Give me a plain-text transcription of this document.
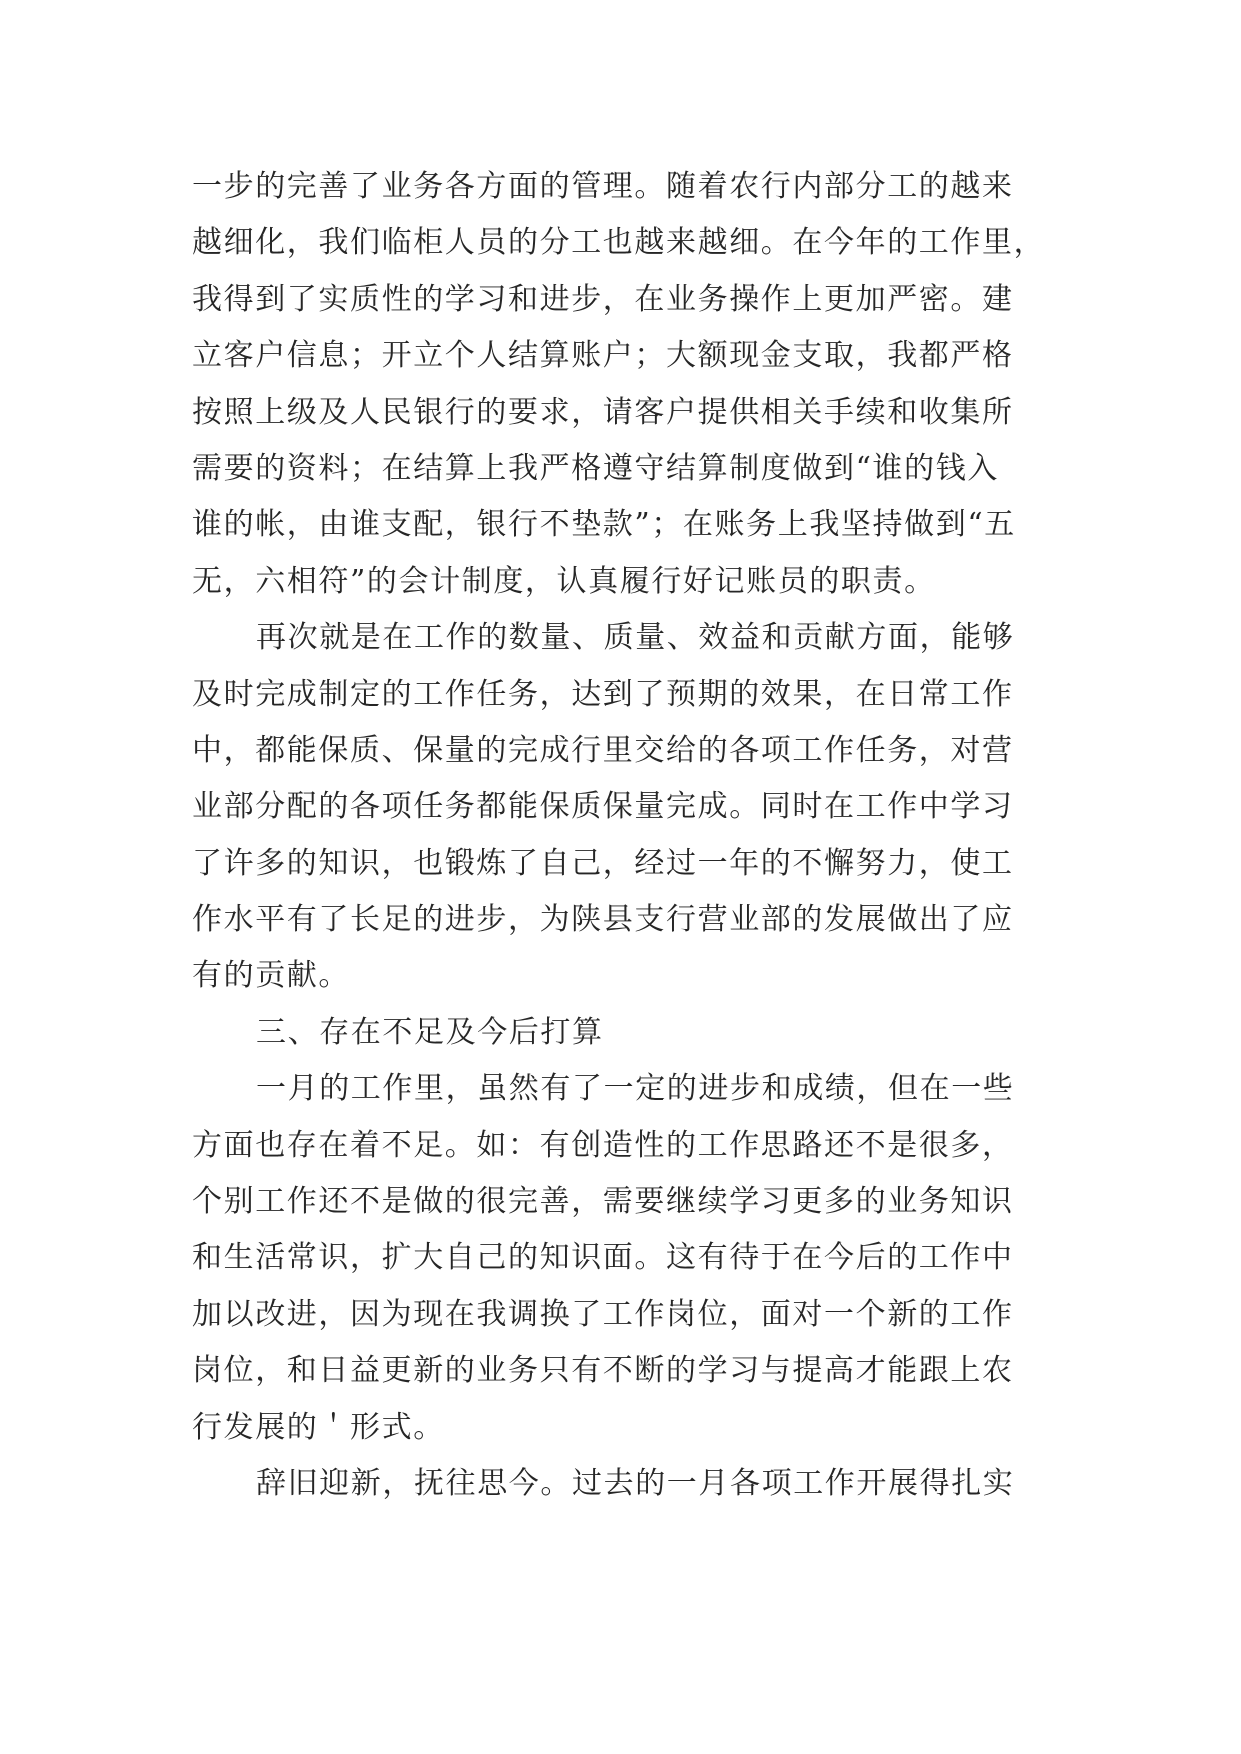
一步的完善了业务各方面的管理。随着农行内部分工的越来
越细化，我们临柜人员的分工也越来越细。在今年的工作里，
我得到了实质性的学习和进步，在业务操作上更加严密。建
立客户信息；开立个人结算账户；大额现金支取，我都严格
按照上级及人民银行的要求，请客户提供相关手续和收集所
需要的资料；在结算上我严格遵守结算制度做到“谁的钱入
谁的帐，由谁支配，银行不垫款”；在账务上我坚持做到“五
无，六相符”的会计制度，认真履行好记账员的职责。
再次就是在工作的数量、质量、效益和贡献方面，能够
及时完成制定的工作任务，达到了预期的效果，在日常工作
中，都能保质、保量的完成行里交给的各项工作任务，对营
业部分配的各项任务都能保质保量完成。同时在工作中学习
了许多的知识，也锻炼了自己，经过一年的不懈努力，使工
作水平有了长足的进步，为陕县支行营业部的发展做出了应
有的贡献。
三、存在不足及今后打算
一月的工作里，虽然有了一定的进步和成绩，但在一些
方面也存在着不足。如：有创造性的工作思路还不是很多，
个别工作还不是做的很完善，需要继续学习更多的业务知识
和生活常识，扩大自己的知识面。这有待于在今后的工作中
加以改进，因为现在我调换了工作岗位，面对一个新的工作
岗位，和日益更新的业务只有不断的学习与提高才能跟上农
行发展的＇形式。
辞旧迎新，抚往思今。过去的一月各项工作开展得扎实
